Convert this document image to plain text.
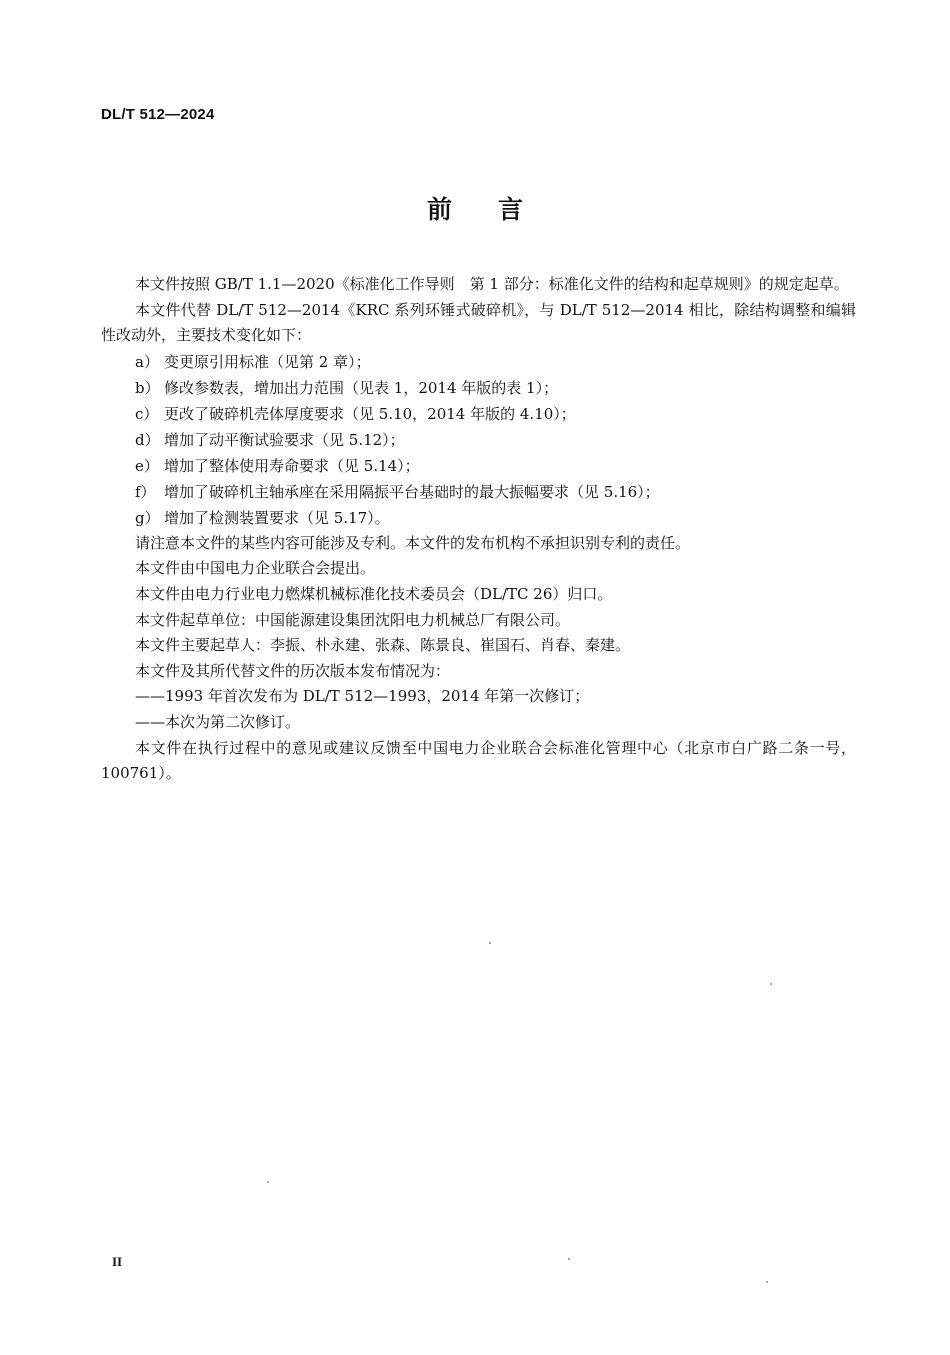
DL/T 512—2024
前言

本文件按照 GB/T 1.1—2020《标准化工作导则　第 1 部分：标准化文件的结构和起草规则》的规定起草。

本文件代替 DL/T 512—2014《KRC 系列环锤式破碎机》，与 DL/T 512—2014 相比，除结构调整和编辑性改动外，主要技术变化如下：

a） 变更原引用标准（见第 2 章）；

b） 修改参数表，增加出力范围（见表 1，2014 年版的表 1）；

c） 更改了破碎机壳体厚度要求（见 5.10，2014 年版的 4.10）；

d） 增加了动平衡试验要求（见 5.12）；

e） 增加了整体使用寿命要求（见 5.14）；

f） 增加了破碎机主轴承座在采用隔振平台基础时的最大振幅要求（见 5.16）；

g） 增加了检测装置要求（见 5.17）。

请注意本文件的某些内容可能涉及专利。本文件的发布机构不承担识别专利的责任。

本文件由中国电力企业联合会提出。

本文件由电力行业电力燃煤机械标准化技术委员会（DL/TC 26）归口。

本文件起草单位：中国能源建设集团沈阳电力机械总厂有限公司。

本文件主要起草人：李振、朴永建、张森、陈景良、崔国石、肖春、秦建。

本文件及其所代替文件的历次版本发布情况为：

——1993 年首次发布为 DL/T 512—1993，2014 年第一次修订；

——本次为第二次修订。

本文件在执行过程中的意见或建议反馈至中国电力企业联合会标准化管理中心（北京市白广路二条一号，100761）。

II
